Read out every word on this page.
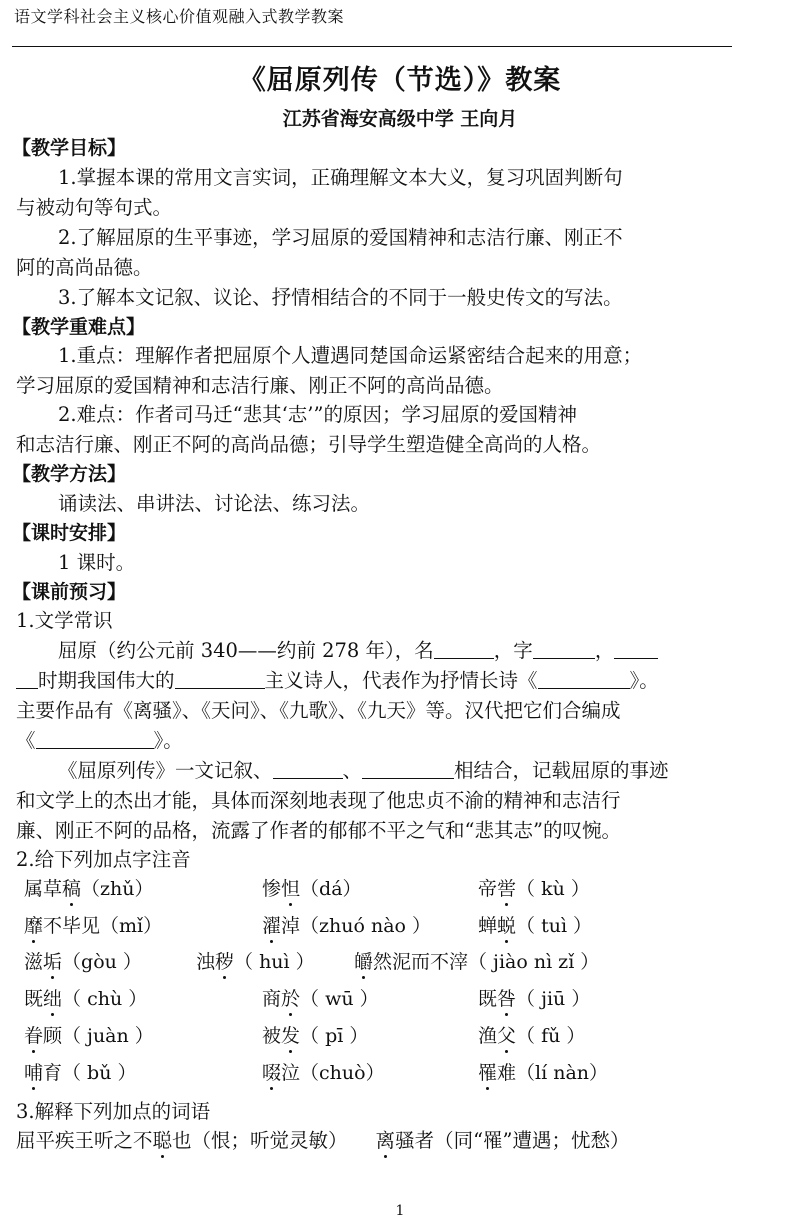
语文学科社会主义核心价值观融入式教学教案
《屈原列传（节选）》教案
江苏省海安高级中学 王向月
【教学目标】
1.掌握本课的常用文言实词，正确理解文本大义，复习巩固判断句
与被动句等句式。
2.了解屈原的生平事迹，学习屈原的爱国精神和志洁行廉、刚正不
阿的高尚品德。
3.了解本文记叙、议论、抒情相结合的不同于一般史传文的写法。
【教学重难点】
1.重点：理解作者把屈原个人遭遇同楚国命运紧密结合起来的用意；
学习屈原的爱国精神和志洁行廉、刚正不阿的高尚品德。
2.难点：作者司马迁“悲其‘志’”的原因；学习屈原的爱国精神
和志洁行廉、刚正不阿的高尚品德；引导学生塑造健全高尚的人格。
【教学方法】
诵读法、串讲法、讨论法、练习法。
【课时安排】
1 课时。
【课前预习】
1.文学常识
屈原（约公元前 340——约前 278 年），名	，字	，
时期我国伟大的	主义诗人，代表作为抒情长诗《	》。
主要作品有《离骚》、《天问》、《九歌》、《九天》等。汉代把它们合编成
《	》。
《屈原列传》一文记叙、	、	相结合，记载屈原的事迹
和文学上的杰出才能，具体而深刻地表现了他忠贞不渝的精神和志洁行
廉、刚正不阿的品格，流露了作者的郁郁不平之气和“悲其志”的叹惋。
2.给下列加点字注音
属草稿（zhǔ）	惨怛（dá）	帝喾（ kù ）
靡不毕见（mǐ）	濯淖（zhuó nào ） 蝉蜕（ tuì ）
滋垢（gòu ）	浊秽（ huì ） 皭然泥而不滓（ jiào nì zǐ ）
既绌（ chù ）	商於（ wū ）	既咎（ jiū ）
眷顾（ juàn ）	被发（ pī ）	渔父（ fǔ ）
哺育（ bǔ ）	啜泣（chuò）	罹难（lí nàn）
3.解释下列加点的词语
屈平疾王听之不聪也（恨；听觉灵敏） 离骚者（同“罹”遭遇；忧愁）
1
